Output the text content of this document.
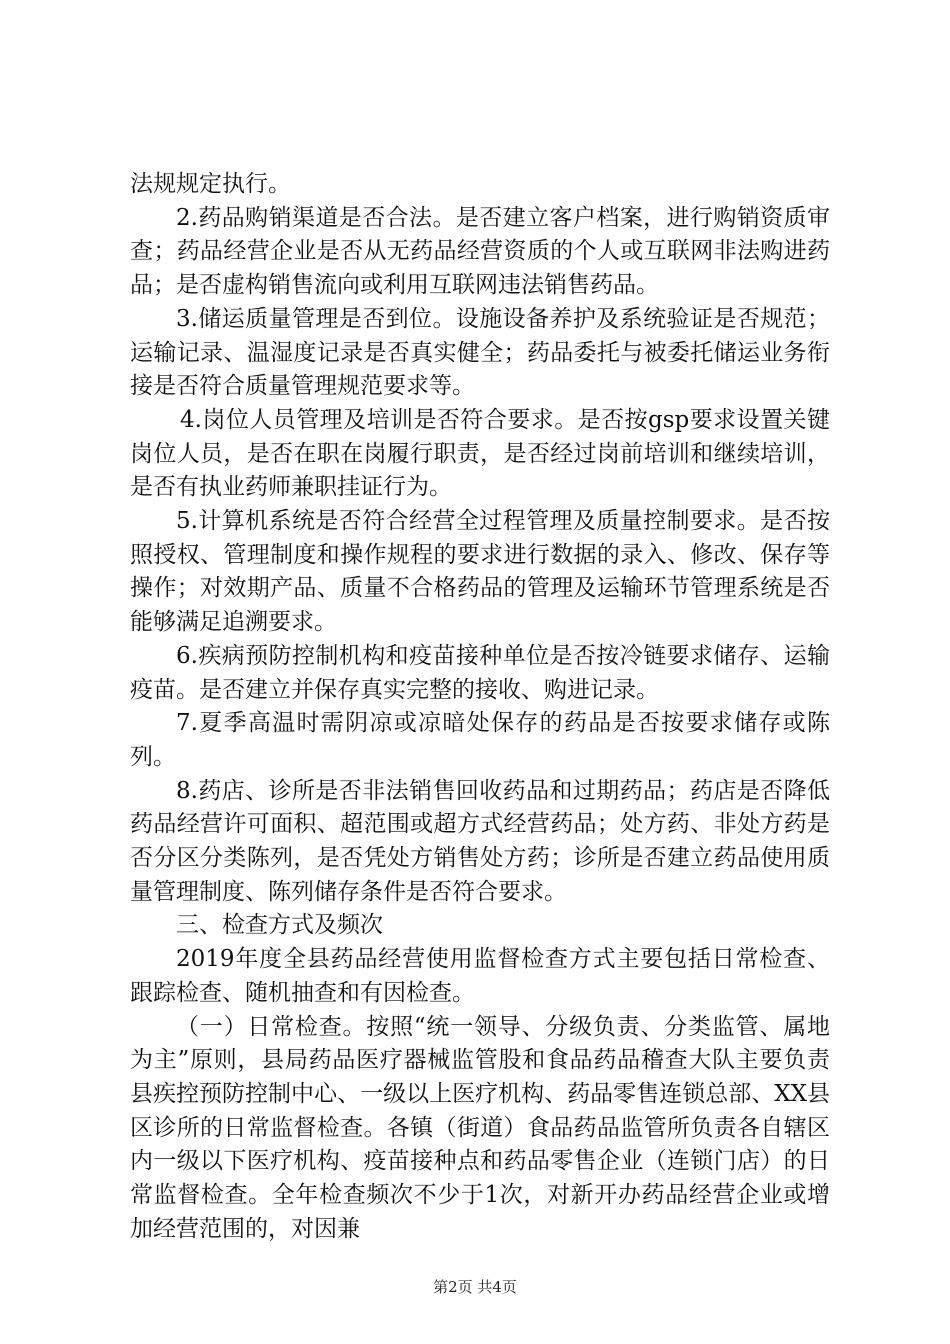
法规规定执行。

2.药品购销渠道是否合法。是否建立客户档案，进行购销资质审查；药品经营企业是否从无药品经营资质的个人或互联网非法购进药品；是否虚构销售流向或利用互联网违法销售药品。

3.储运质量管理是否到位。设施设备养护及系统验证是否规范；运输记录、温湿度记录是否真实健全；药品委托与被委托储运业务衔接是否符合质量管理规范要求等。

4.岗位人员管理及培训是否符合要求。是否按gsp要求设置关键岗位人员，是否在职在岗履行职责，是否经过岗前培训和继续培训，是否有执业药师兼职挂证行为。

5.计算机系统是否符合经营全过程管理及质量控制要求。是否按照授权、管理制度和操作规程的要求进行数据的录入、修改、保存等操作；对效期产品、质量不合格药品的管理及运输环节管理系统是否能够满足追溯要求。

6.疾病预防控制机构和疫苗接种单位是否按冷链要求储存、运输疫苗。是否建立并保存真实完整的接收、购进记录。

7.夏季高温时需阴凉或凉暗处保存的药品是否按要求储存或陈列。

8.药店、诊所是否非法销售回收药品和过期药品；药店是否降低药品经营许可面积、超范围或超方式经营药品；处方药、非处方药是否分区分类陈列，是否凭处方销售处方药；诊所是否建立药品使用质量管理制度、陈列储存条件是否符合要求。

三、检查方式及频次

2019年度全县药品经营使用监督检查方式主要包括日常检查、跟踪检查、随机抽查和有因检查。

（一）日常检查。按照“统一领导、分级负责、分类监管、属地为主”原则，县局药品医疗器械监管股和食品药品稽查大队主要负责县疾控预防控制中心、一级以上医疗机构、药品零售连锁总部、XX县区诊所的日常监督检查。各镇（街道）食品药品监管所负责各自辖区内一级以下医疗机构、疫苗接种点和药品零售企业（连锁门店）的日常监督检查。全年检查频次不少于1次，对新开办药品经营企业或增加经营范围的，对因兼

第2页 共4页
